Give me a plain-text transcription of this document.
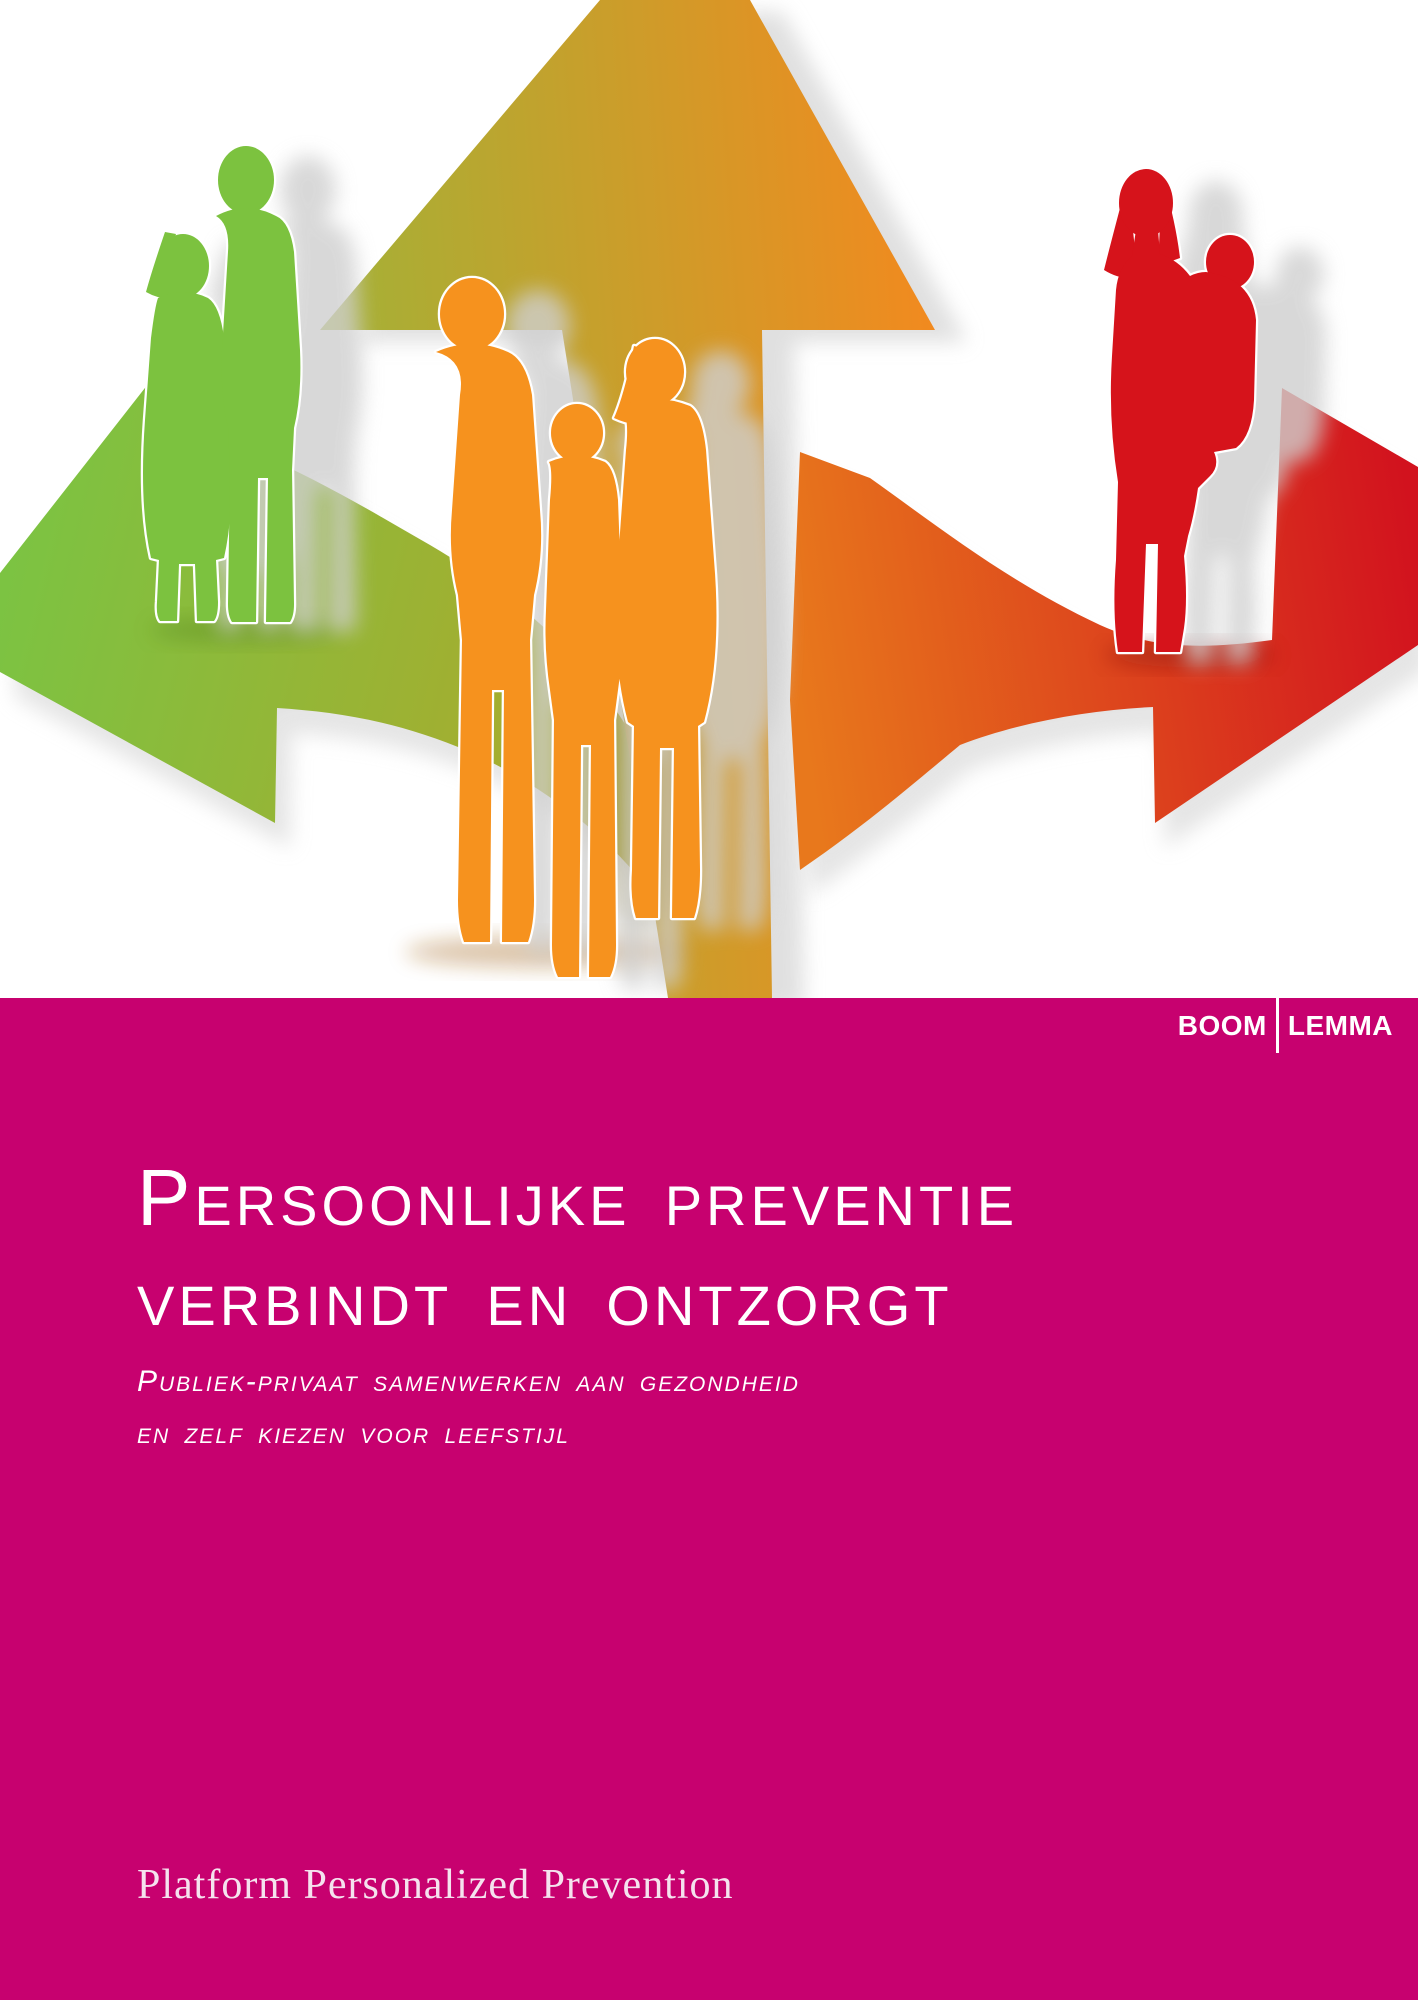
BOOM LEMMA
Persoonlijke preventie
verbindt en ontzorgt

Publiek-privaat samenwerken aan gezondheid
en zelf kiezen voor leefstijl

Platform Personalized Prevention
